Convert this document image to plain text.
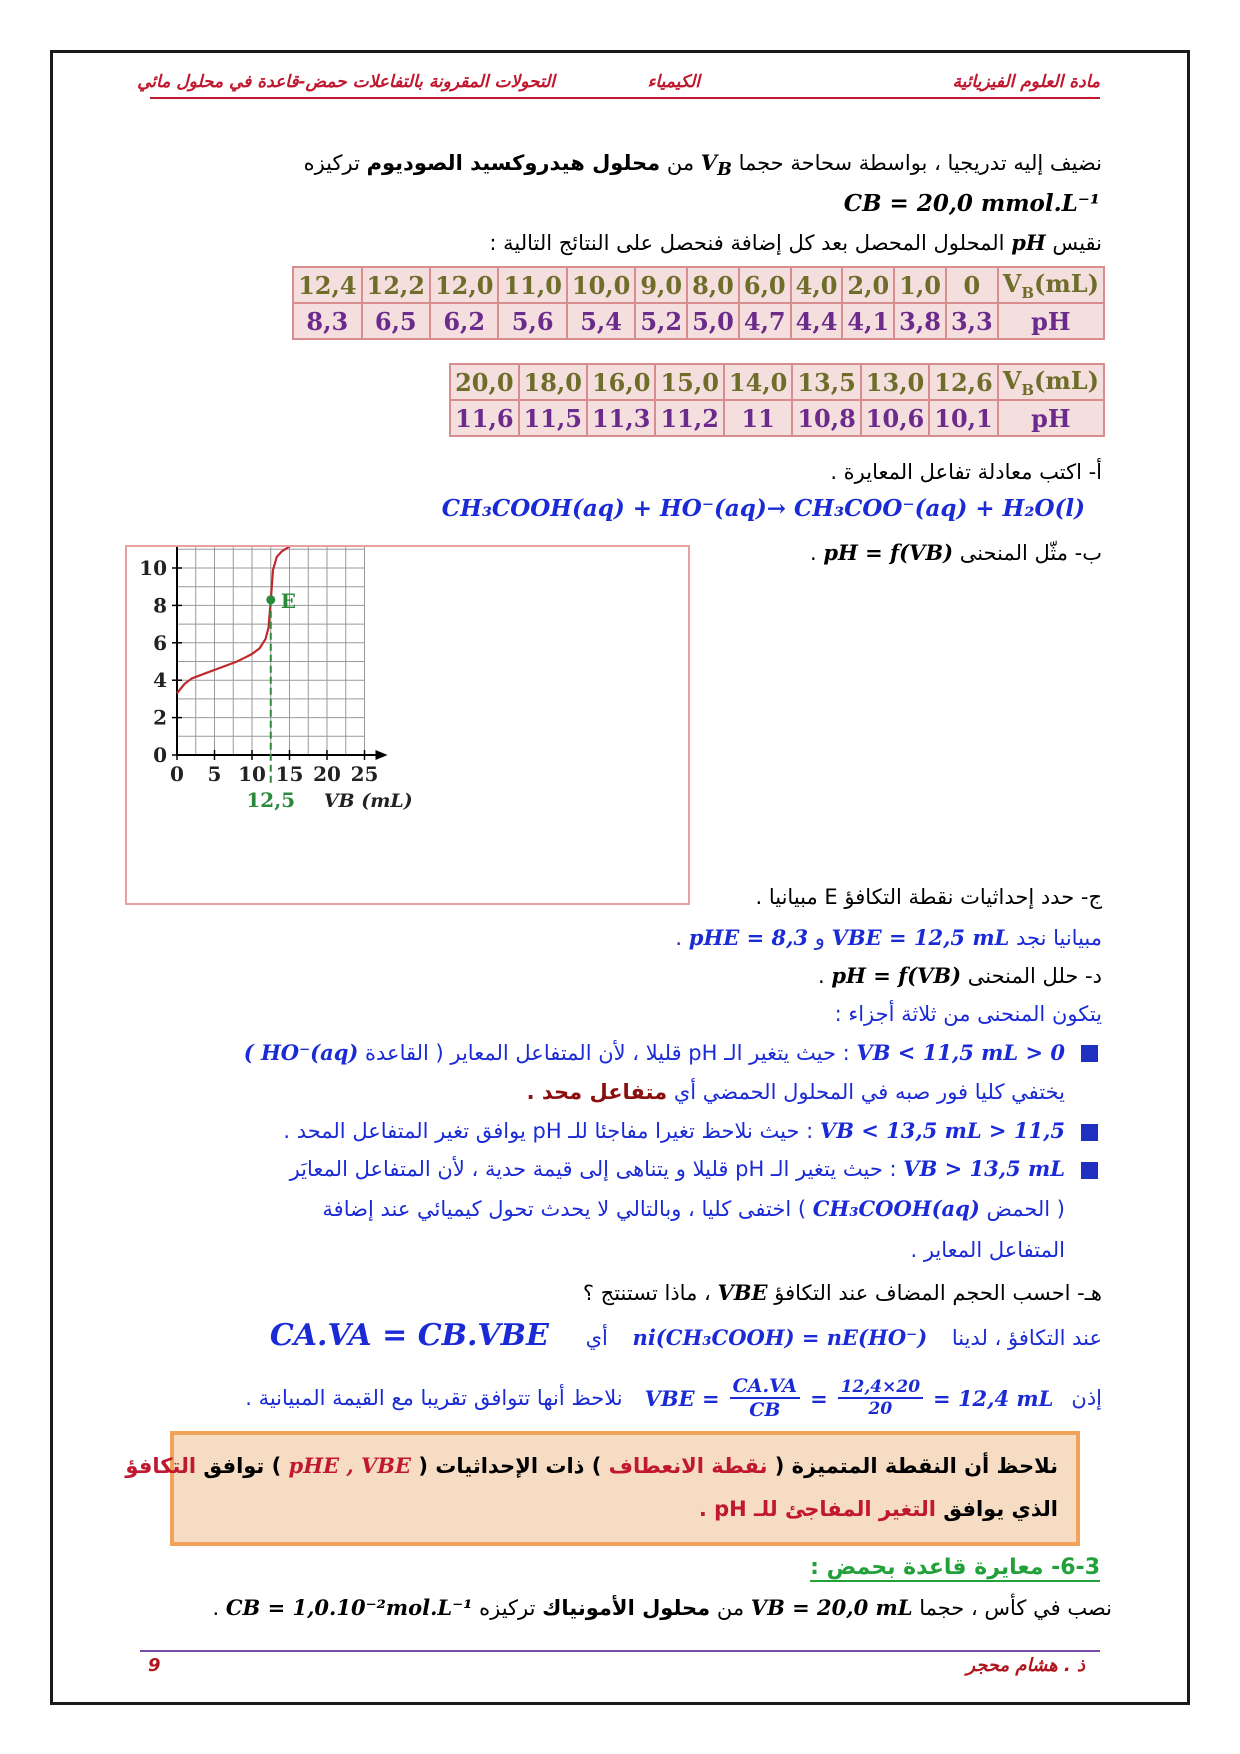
مادة العلوم الفيزيائية
الكيمياء
التحولات المقرونة بالتفاعلات حمض-قاعدة في محلول مائي
نضيف إليه تدريجيا ، بواسطة سحاحة حجما $V_B$ من محلول هيدروكسيد الصوديوم تركيزه
CB = 20,0 mmol.L⁻¹
نقيس pH المحلول المحصل بعد كل إضافة فنحصل على النتائج التالية :
$V_B(mL)$	0	1,0	2,0	4,0	6,0	8,0	9,0	10,0	11,0	12,0	12,2	12,4
pH	3,3	3,8	4,1	4,4	4,7	5,0	5,2	5,4	5,6	6,2	6,5	8,3
$V_B(mL)$	12,6	13,0	13,5	14,0	15,0	16,0	18,0	20,0
pH	10,1	10,6	10,8	11	11,2	11,3	11,5	11,6
أ- اكتب معادلة تفاعل المعايرة .
CH₃COOH(aq) + HO⁻(aq)→ CH₃COO⁻(aq) + H₂O(l)
ب- مثّل المنحنى pH = f(VB) .
0 5 10 15 20 25
0
2
4
6
8
10
VB (mL)
E
12,5
ج- حدد إحداثيات نقطة التكافؤ E مبيانيا .
مبيانيا نجد VBE = 12,5 mL و pHE = 8,3 .
د- حلل المنحنى pH = f(VB) .
يتكون المنحنى من ثلاثة أجزاء :
0 < VB < 11,5 mL : حيث يتغير الـ pH قليلا ، لأن المتفاعل المعاير ( القاعدة HO⁻(aq) )
يختفي كليا فور صبه في المحلول الحمضي أي متفاعل محد .
11,5 < VB < 13,5 mL : حيث نلاحظ تغيرا مفاجئا للـ pH يوافق تغير المتفاعل المحد .
VB > 13,5 mL : حيث يتغير الـ pH قليلا و يتناهى إلى قيمة حدية ، لأن المتفاعل المعايَر
( الحمض CH₃COOH(aq) ) اختفى كليا ، وبالتالي لا يحدث تحول كيميائي عند إضافة
المتفاعل المعاير .
هـ- احسب الحجم المضاف عند التكافؤ VBE ، ماذا تستنتج ؟
عند التكافؤ ، لدينا ni(CH₃COOH) = nE(HO⁻) أي CA.VA = CB.VBE
إذن
= 12,4 mL
$\frac{12,4\times 20}{20}$
=
$\frac{CA.VA}{CB}$
VBE =
نلاحظ أنها تتوافق تقريبا مع القيمة المبيانية .
نلاحظ أن النقطة المتميزة ( نقطة الانعطاف ) ذات الإحداثيات ( pHE , VBE ) توافق التكافؤ
الذي يوافق التغير المفاجئ للـ pH .
6-3- معايرة قاعدة بحمض :
نصب في كأس ، حجما VB = 20,0 mL من محلول الأمونياك تركيزه CB = 1,0.10⁻²mol.L⁻¹ .
ذ . هشام محجر
9
